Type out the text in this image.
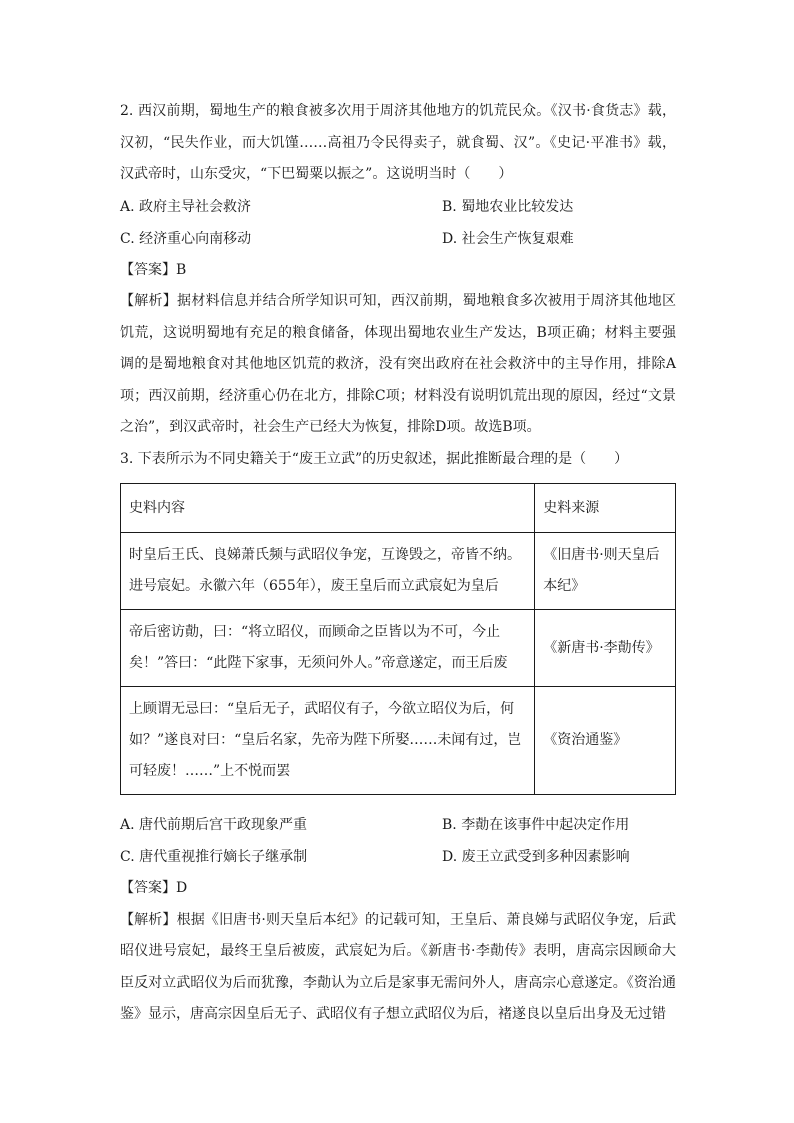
2. 西汉前期，蜀地生产的粮食被多次用于周济其他地方的饥荒民众。《汉书·食货志》载，汉初，“民失作业，而大饥馑……高祖乃令民得卖子，就食蜀、汉”。《史记·平准书》载，汉武帝时，山东受灾，“下巴蜀粟以振之”。这说明当时（　　）

A. 政府主导社会救济	B. 蜀地农业比较发达
C. 经济重心向南移动	D. 社会生产恢复艰难
【答案】B

【解析】据材料信息并结合所学知识可知，西汉前期，蜀地粮食多次被用于周济其他地区饥荒，这说明蜀地有充足的粮食储备，体现出蜀地农业生产发达，B项正确；材料主要强调的是蜀地粮食对其他地区饥荒的救济，没有突出政府在社会救济中的主导作用，排除A项；西汉前期，经济重心仍在北方，排除C项；材料没有说明饥荒出现的原因，经过“文景之治”，到汉武帝时，社会生产已经大为恢复，排除D项。故选B项。

3. 下表所示为不同史籍关于“废王立武”的历史叙述，据此推断最合理的是（　　）

史料内容	史料来源
时皇后王氏、良娣萧氏频与武昭仪争宠，互谗毁之，帝皆不纳。进号宸妃。永徽六年（655年），废王皇后而立武宸妃为皇后	《旧唐书·则天皇后本纪》
帝后密访勣，曰：“将立昭仪，而顾命之臣皆以为不可，今止矣！”答曰：“此陛下家事，无须问外人。”帝意遂定，而王后废	《新唐书·李勣传》
上顾谓无忌曰：“皇后无子，武昭仪有子，今欲立昭仪为后，何如？”遂良对曰：“皇后名家，先帝为陛下所娶……未闻有过，岂可轻废！……”上不悦而罢	《资治通鉴》
A. 唐代前期后宫干政现象严重	B. 李勣在该事件中起决定作用
C. 唐代重视推行嫡长子继承制	D. 废王立武受到多种因素影响
【答案】D

【解析】根据《旧唐书·则天皇后本纪》的记载可知，王皇后、萧良娣与武昭仪争宠，后武昭仪进号宸妃，最终王皇后被废，武宸妃为后。《新唐书·李勣传》表明，唐高宗因顾命大臣反对立武昭仪为后而犹豫，李勣认为立后是家事无需问外人，唐高宗心意遂定。《资治通鉴》显示，唐高宗因皇后无子、武昭仪有子想立武昭仪为后，褚遂良以皇后出身及无过错
